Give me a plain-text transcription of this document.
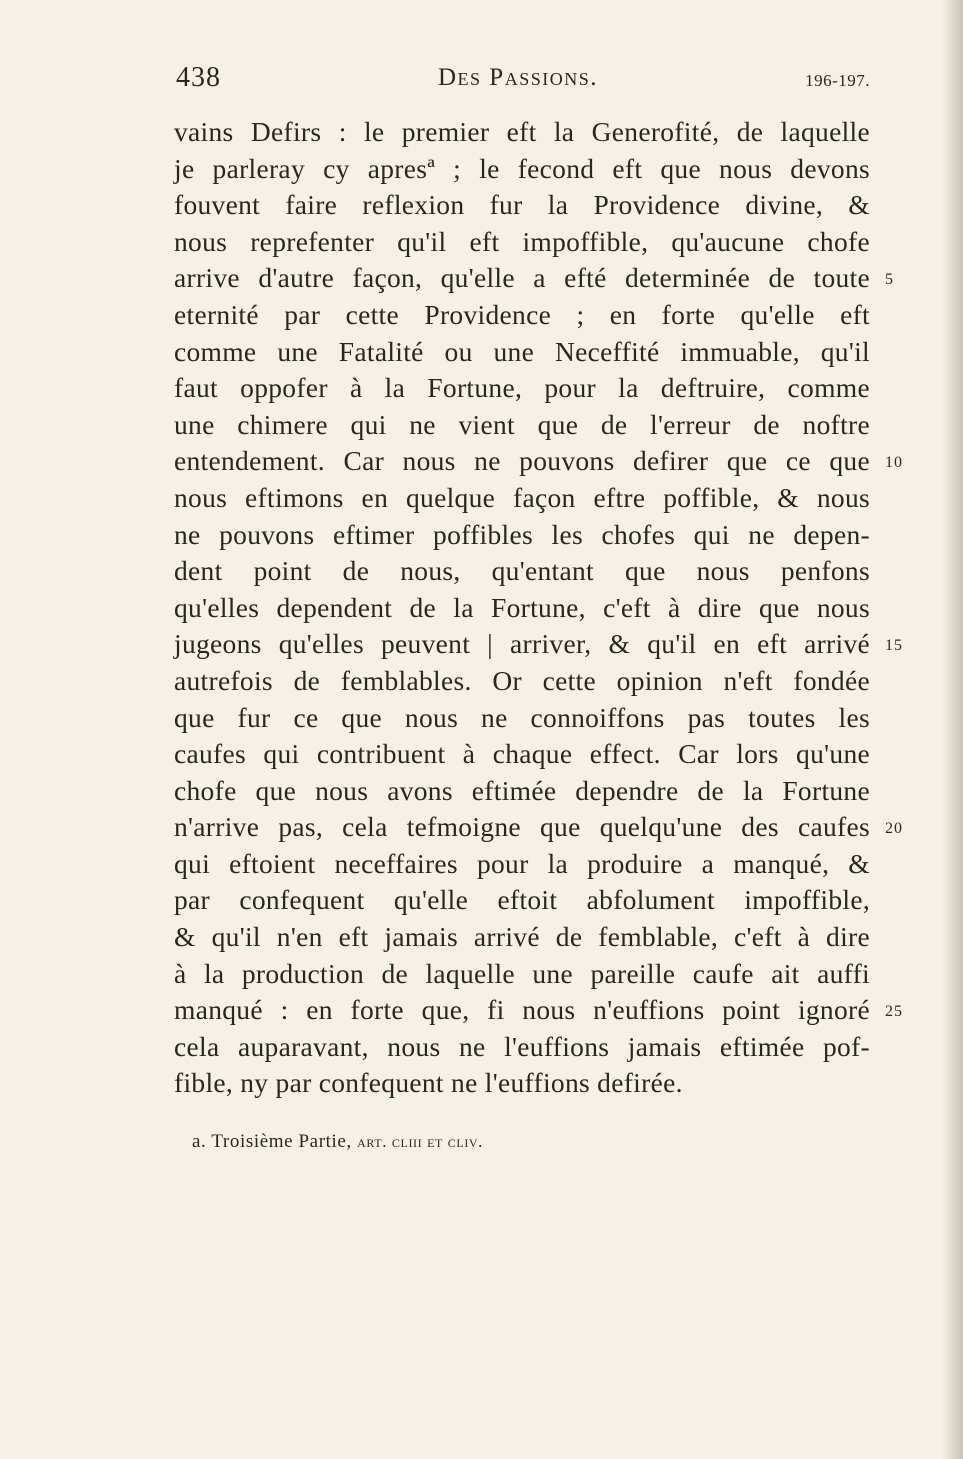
438	Des Passions.	196-197.
vains Defirs : le premier eft la Generofité, de laquelle
je parleray cy apresª ; le fecond eft que nous devons
fouvent faire reflexion fur la Providence divine, &
nous reprefenter qu'il eft impoffible, qu'aucune chofe
arrive d'autre façon, qu'elle a efté determinée de toute
eternité par cette Providence ; en forte qu'elle eft
comme une Fatalité ou une Neceffité immuable, qu'il
faut oppofer à la Fortune, pour la deftruire, comme
une chimere qui ne vient que de l'erreur de noftre
entendement. Car nous ne pouvons defirer que ce que
nous eftimons en quelque façon eftre poffible, & nous
ne pouvons eftimer poffibles les chofes qui ne depen-
dent point de nous, qu'entant que nous penfons
qu'elles dependent de la Fortune, c'eft à dire que nous
jugeons qu'elles peuvent | arriver, & qu'il en eft arrivé
autrefois de femblables. Or cette opinion n'eft fondée
que fur ce que nous ne connoiffons pas toutes les
caufes qui contribuent à chaque effect. Car lors qu'une
chofe que nous avons eftimée dependre de la Fortune
n'arrive pas, cela tefmoigne que quelqu'une des caufes
qui eftoient neceffaires pour la produire a manqué, &
par confequent qu'elle eftoit abfolument impoffible,
& qu'il n'en eft jamais arrivé de femblable, c'eft à dire
à la production de laquelle une pareille caufe ait auffi
manqué : en forte que, fi nous n'euffions point ignoré
cela auparavant, nous ne l'euffions jamais eftimée pof-
fible, ny par confequent ne l'euffions defirée.
5
10
15
20
25
a. Troisième Partie, art. cliii et cliv.
